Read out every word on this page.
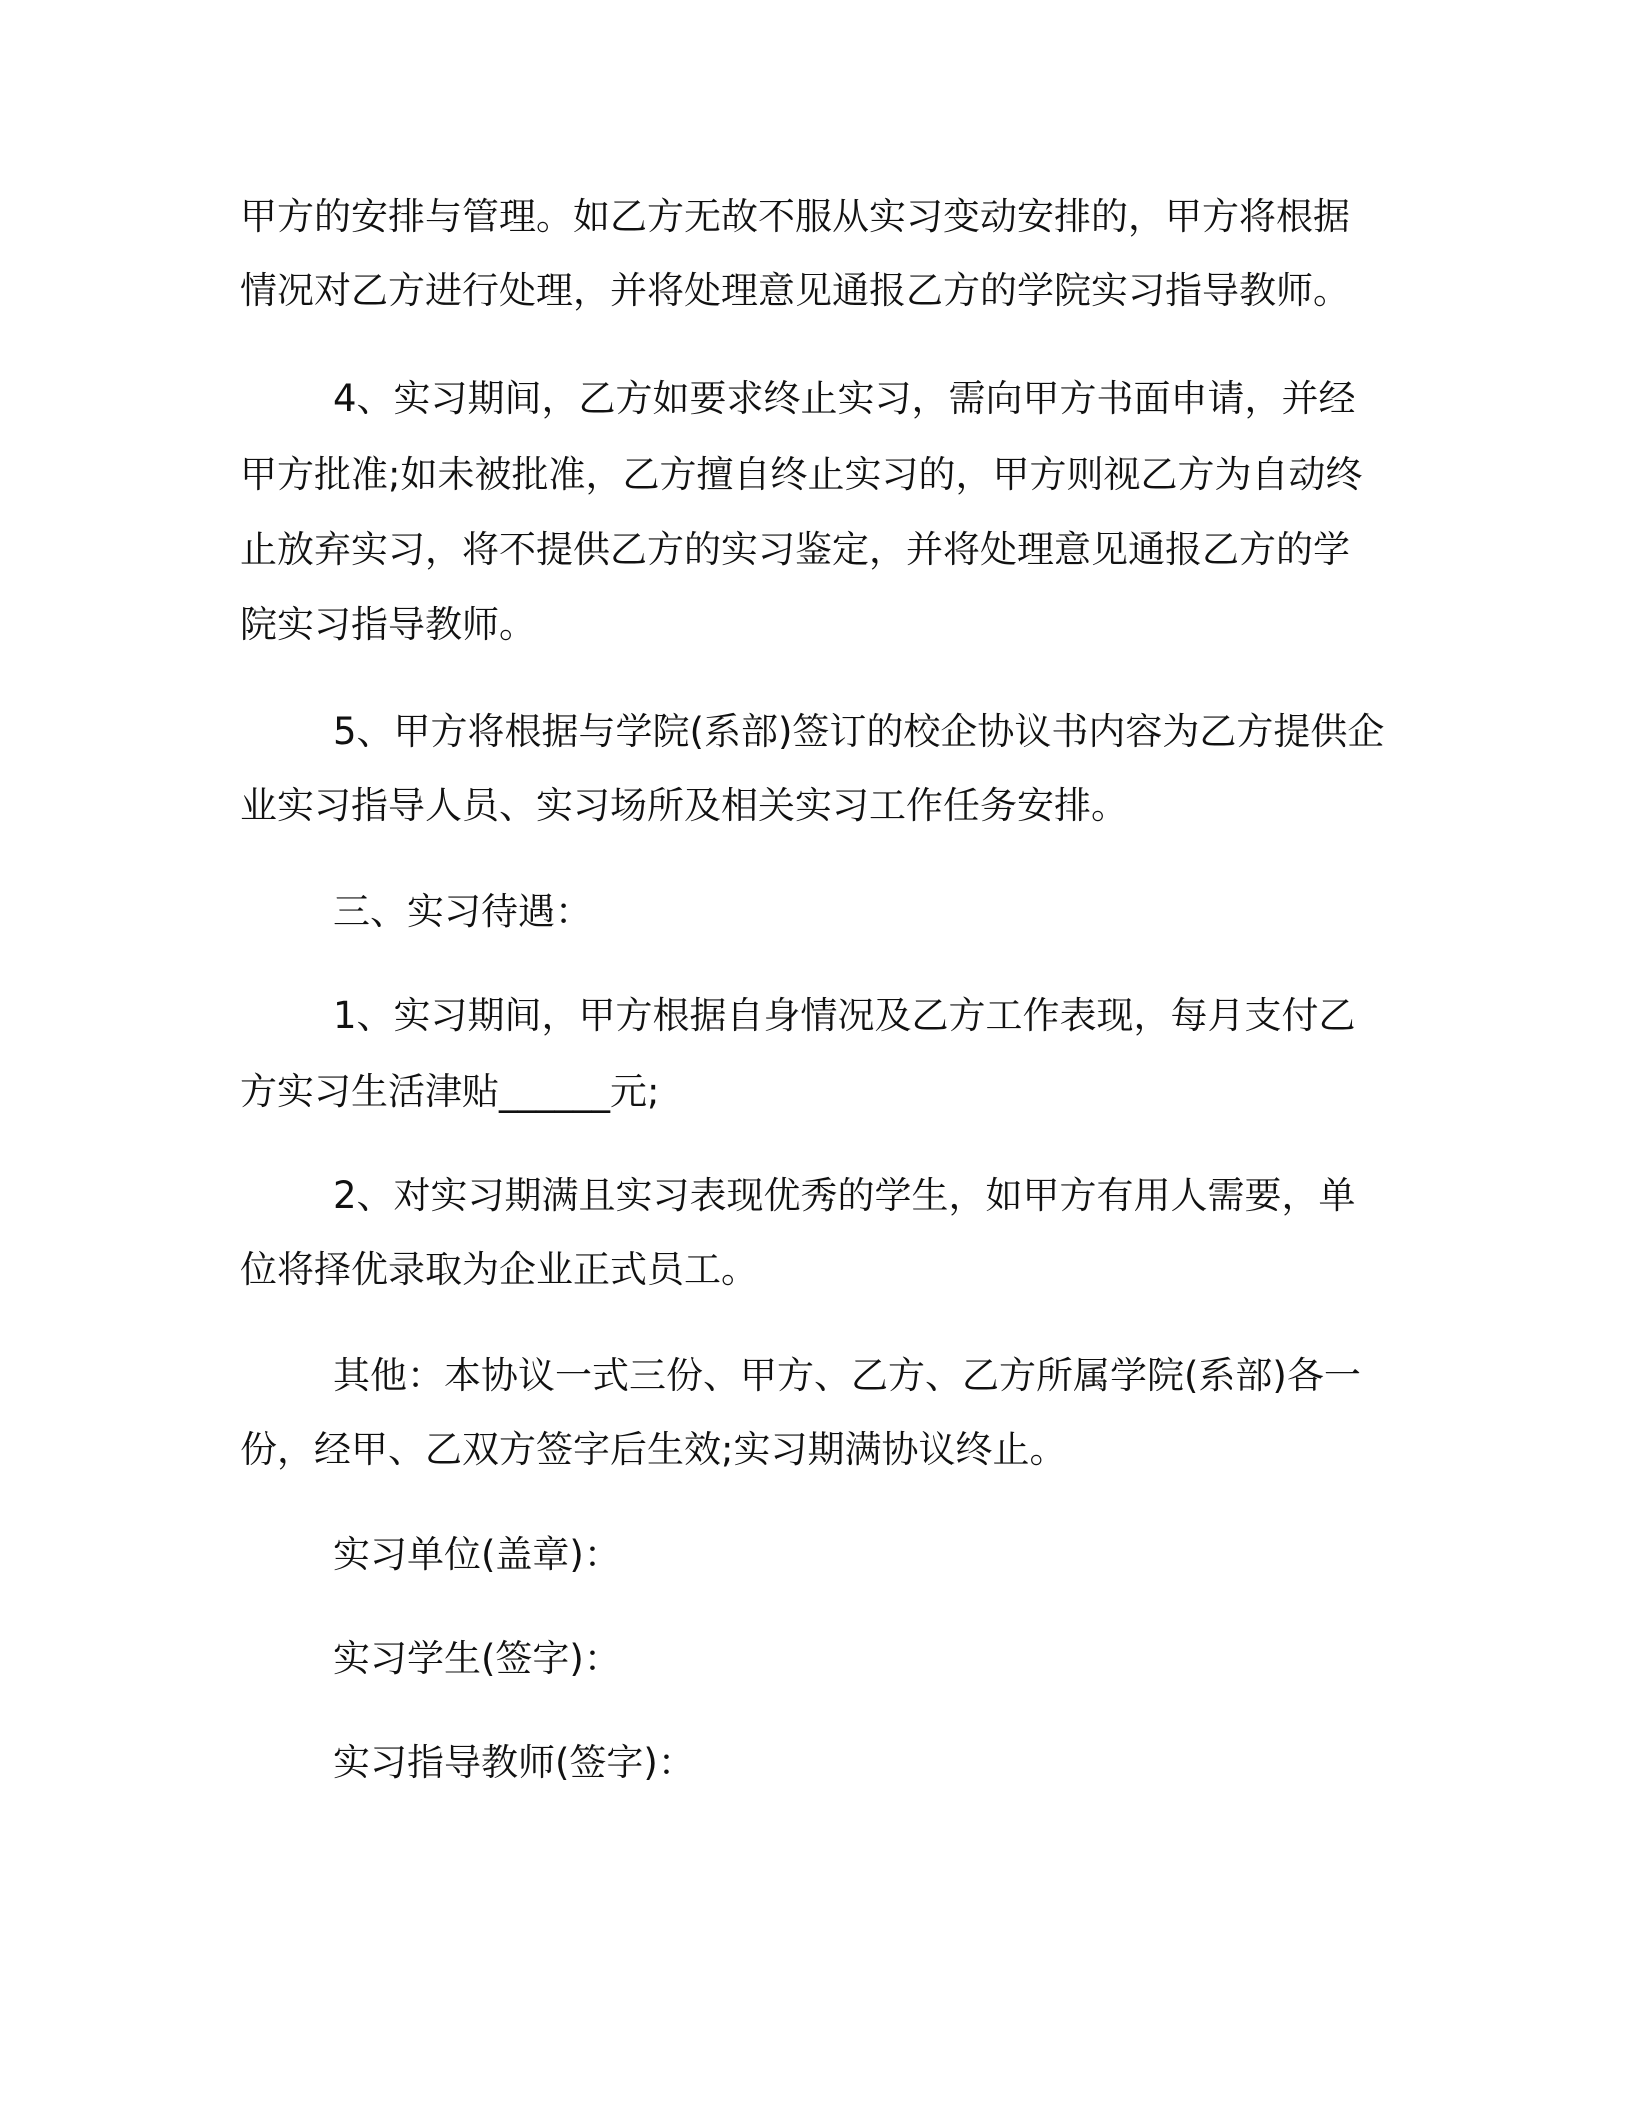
甲方的安排与管理。如乙方无故不服从实习变动安排的，甲方将根据
情况对乙方进行处理，并将处理意见通报乙方的学院实习指导教师。
4、实习期间，乙方如要求终止实习，需向甲方书面申请，并经
甲方批准;如未被批准，乙方擅自终止实习的，甲方则视乙方为自动终
止放弃实习，将不提供乙方的实习鉴定，并将处理意见通报乙方的学
院实习指导教师。
5、甲方将根据与学院(系部)签订的校企协议书内容为乙方提供企
业实习指导人员、实习场所及相关实习工作任务安排。
三、实习待遇：
1、实习期间，甲方根据自身情况及乙方工作表现，每月支付乙
方实习生活津贴______元;
2、对实习期满且实习表现优秀的学生，如甲方有用人需要，单
位将择优录取为企业正式员工。
其他：本协议一式三份、甲方、乙方、乙方所属学院(系部)各一
份，经甲、乙双方签字后生效;实习期满协议终止。
实习单位(盖章)：
实习学生(签字)：
实习指导教师(签字)：
